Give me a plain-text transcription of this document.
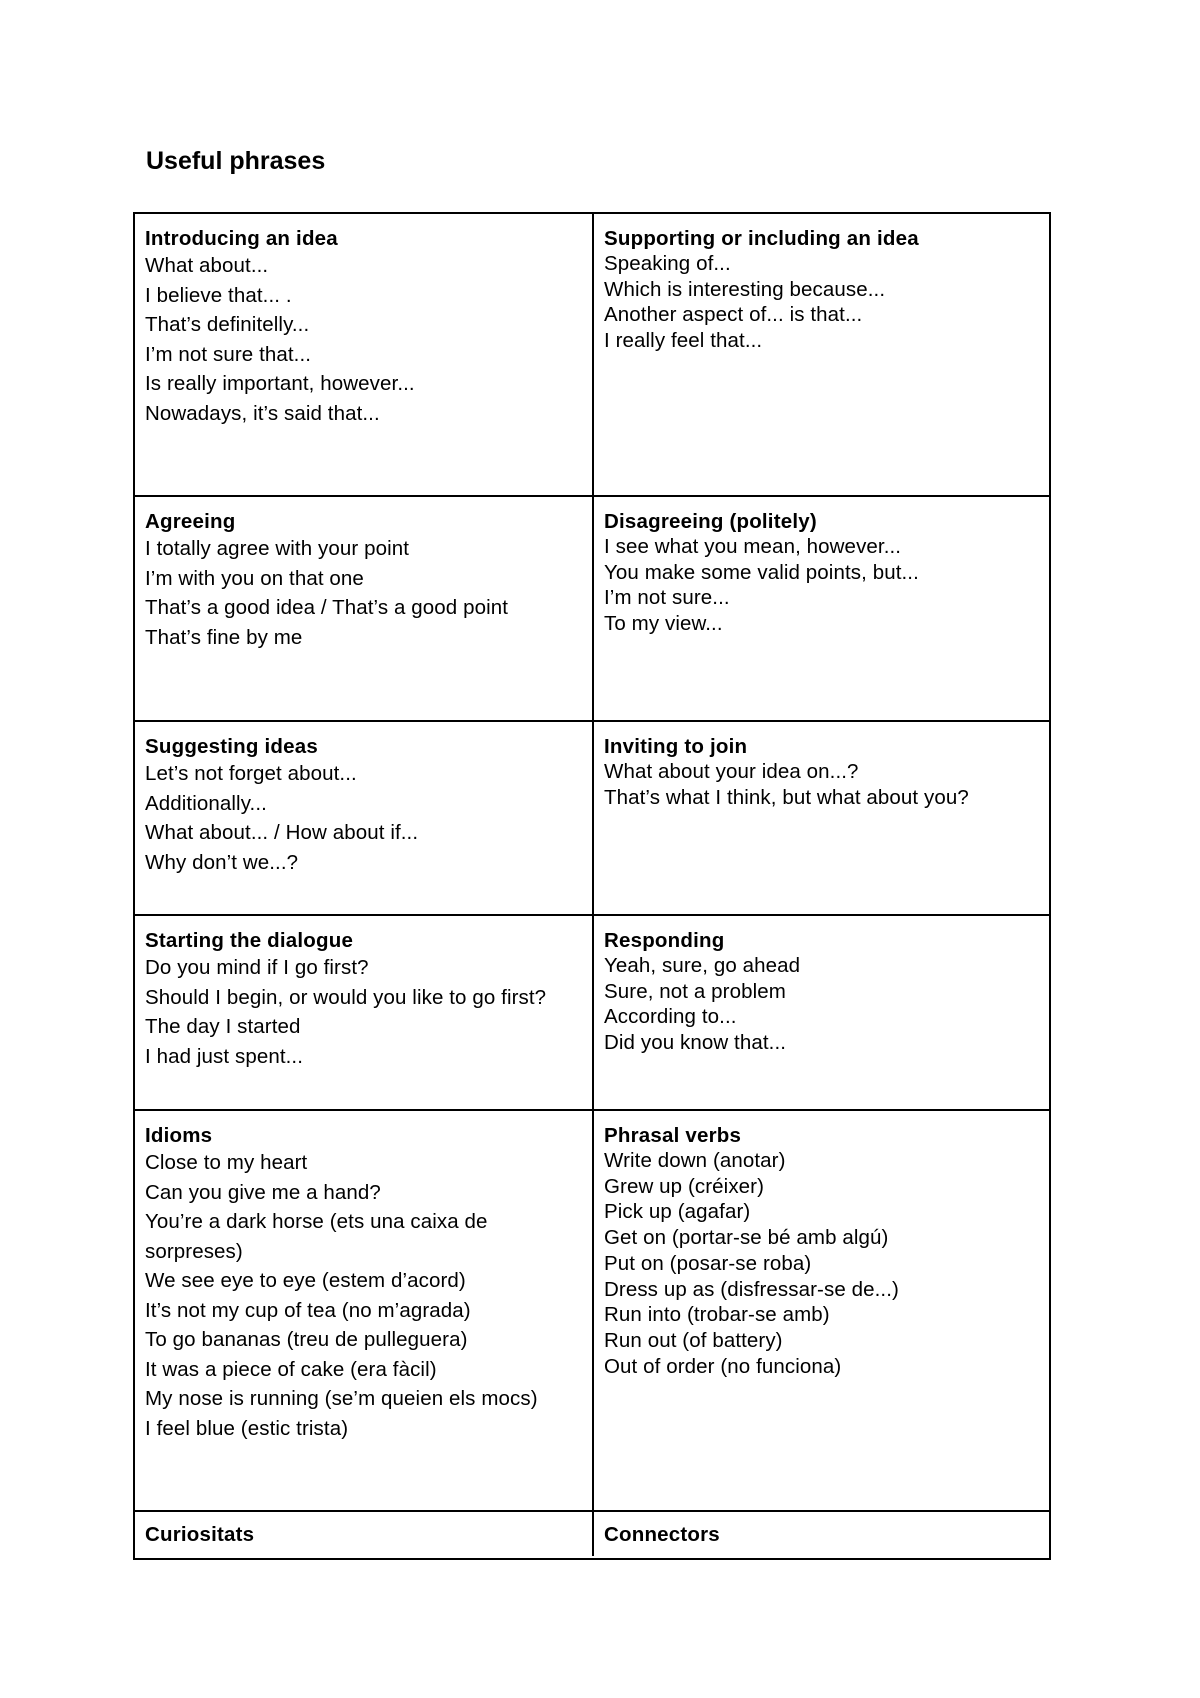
Useful phrases
Introducing an idea
What about...
I believe that... .
That’s definitelly...
I’m not sure that...
Is really important, however...
Nowadays, it’s said that...
Supporting or including an idea
Speaking of...
Which is interesting because...
Another aspect of... is that...
I really feel that...
Agreeing
I totally agree with your point
I’m with you on that one
That’s a good idea / That’s a good point
That’s fine by me
Disagreeing (politely)
I see what you mean, however...
You make some valid points, but...
I’m not sure...
To my view...
Suggesting ideas
Let’s not forget about...
Additionally...
What about... / How about if...
Why don’t we...?
Inviting to join
What about your idea on...?
That’s what I think, but what about you?
Starting the dialogue
Do you mind if I go first?
Should I begin, or would you like to go first?
The day I started
I had just spent...
Responding
Yeah, sure, go ahead
Sure, not a problem
According to...
Did you know that...
Idioms
Close to my heart
Can you give me a hand?
You’re a dark horse (ets una caixa de
sorpreses)
We see eye to eye (estem d’acord)
It’s not my cup of tea (no m’agrada)
To go bananas (treu de pulleguera)
It was a piece of cake (era fàcil)
My nose is running (se’m queien els mocs)
I feel blue (estic trista)
Phrasal verbs
Write down (anotar)
Grew up (créixer)
Pick up (agafar)
Get on (portar-se bé amb algú)
Put on (posar-se roba)
Dress up as (disfressar-se de...)
Run into (trobar-se amb)
Run out (of battery)
Out of order (no funciona)
Curiositats	Connectors
